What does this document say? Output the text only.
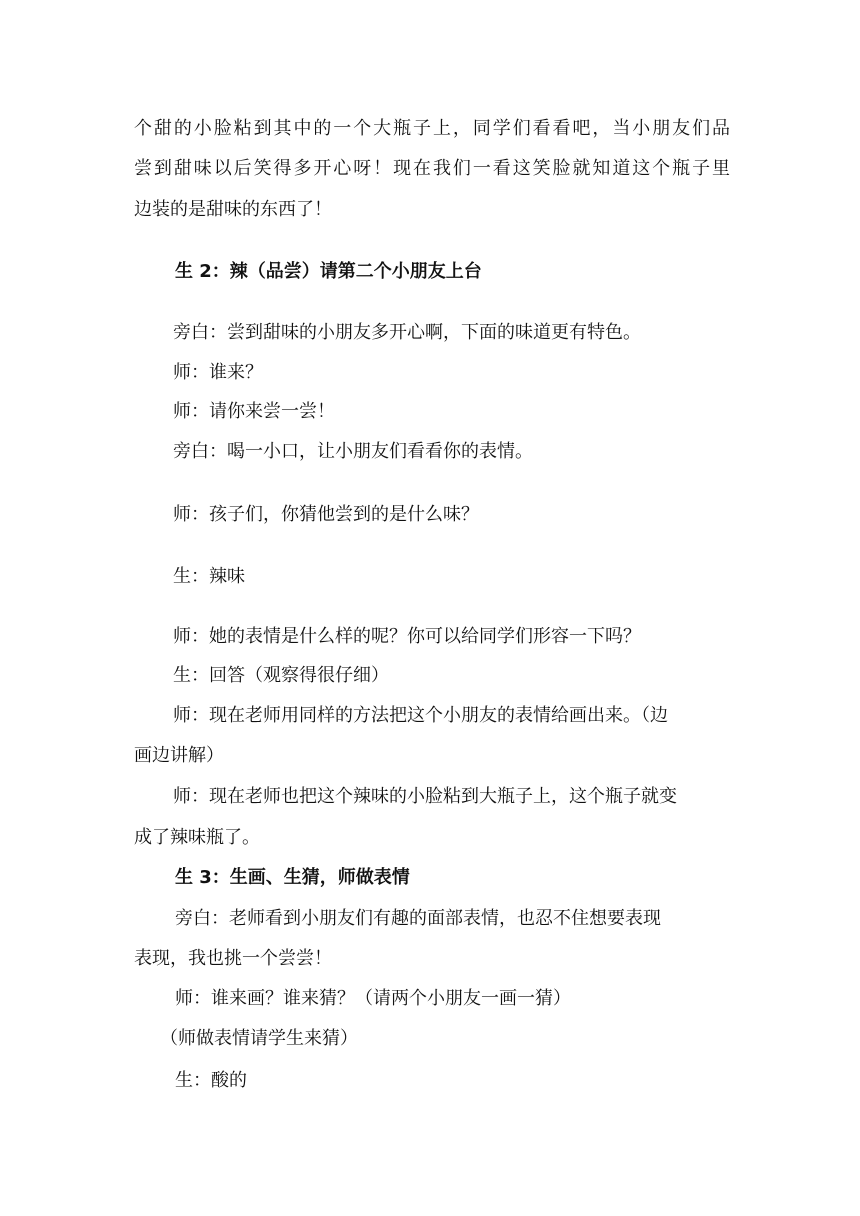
个甜的小脸粘到其中的一个大瓶子上，同学们看看吧，当小朋友们品

尝到甜味以后笑得多开心呀！现在我们一看这笑脸就知道这个瓶子里

边装的是甜味的东西了！

生 2：辣（品尝）请第二个小朋友上台

旁白：尝到甜味的小朋友多开心啊，下面的味道更有特色。

师：谁来？

师：请你来尝一尝！

旁白：喝一小口，让小朋友们看看你的表情。

师：孩子们，你猜他尝到的是什么味？

生：辣味

师：她的表情是什么样的呢？你可以给同学们形容一下吗？

生：回答（观察得很仔细）

师：现在老师用同样的方法把这个小朋友的表情给画出来。（边

画边讲解）

师：现在老师也把这个辣味的小脸粘到大瓶子上，这个瓶子就变

成了辣味瓶了。

生 3：生画、生猜，师做表情

旁白：老师看到小朋友们有趣的面部表情，也忍不住想要表现

表现，我也挑一个尝尝！

师：谁来画？谁来猜？（请两个小朋友一画一猜）

（师做表情请学生来猜）

生：酸的
